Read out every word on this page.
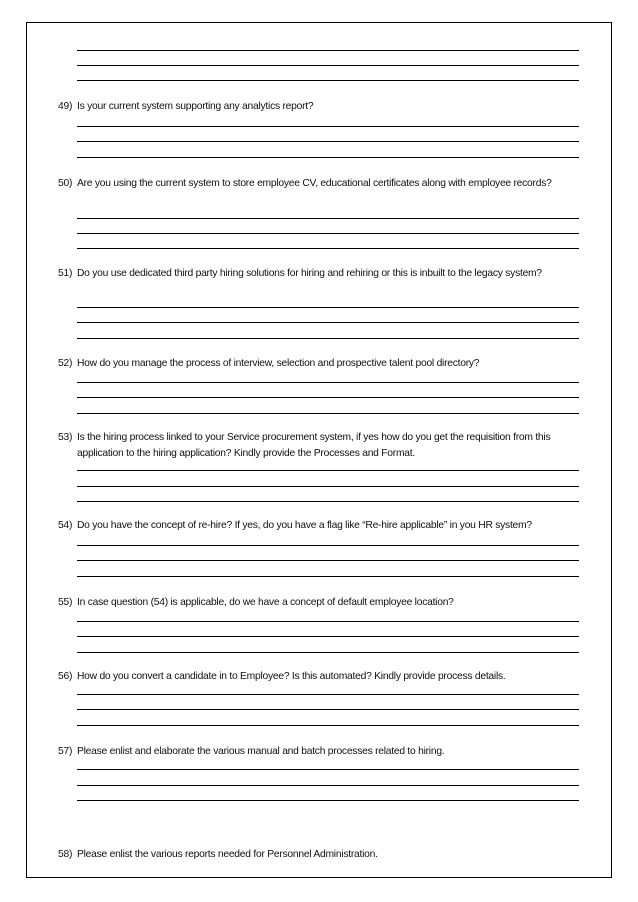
49) Is your current system supporting any analytics report?
50) Are you using the current system to store employee CV, educational certificates along with employee records?
51) Do you use dedicated third party hiring solutions for hiring and rehiring or this is inbuilt to the legacy system?
52) How do you manage the process of interview, selection and prospective talent pool directory?
53) Is the hiring process linked to your Service procurement system, if yes how do you get the requisition from this application to the hiring application? Kindly provide the Processes and Format.
54) Do you have the concept of re-hire? If yes, do you have a flag like “Re-hire applicable” in you HR system?
55) In case question (54) is applicable, do we have a concept of default employee location?
56) How do you convert a candidate in to Employee? Is this automated? Kindly provide process details.
57) Please enlist and elaborate the various manual and batch processes related to hiring.
58) Please enlist the various reports needed for Personnel Administration.
